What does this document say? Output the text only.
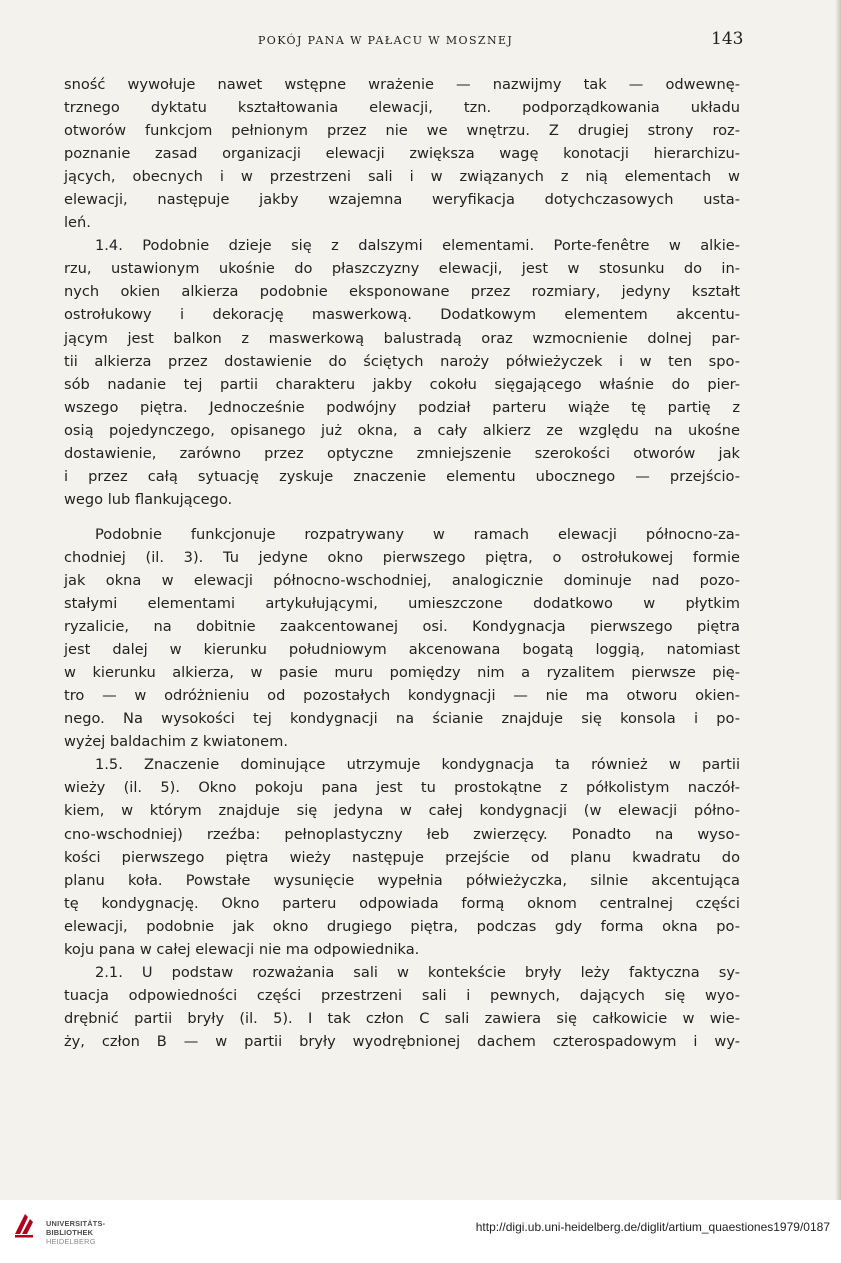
POKÓJ PANA W PAŁACU W MOSZNEJ	143
sność wywołuje nawet wstępne wrażenie — nazwijmy tak — odwewnę-
trznego dyktatu kształtowania elewacji, tzn. podporządkowania układu
otworów funkcjom pełnionym przez nie we wnętrzu. Z drugiej strony roz-
poznanie zasad organizacji elewacji zwiększa wagę konotacji hierarchizu-
jących, obecnych i w przestrzeni sali i w związanych z nią elementach w
elewacji, następuje jakby wzajemna weryfikacja dotychczasowych usta-
leń.
1.4. Podobnie dzieje się z dalszymi elementami. Porte-fenêtre w alkie-
rzu, ustawionym ukośnie do płaszczyzny elewacji, jest w stosunku do in-
nych okien alkierza podobnie eksponowane przez rozmiary, jedyny kształt
ostrołukowy i dekorację maswerkową. Dodatkowym elementem akcentu-
jącym jest balkon z maswerkową balustradą oraz wzmocnienie dolnej par-
tii alkierza przez dostawienie do ściętych naroży półwieżyczek i w ten spo-
sób nadanie tej partii charakteru jakby cokołu sięgającego właśnie do pier-
wszego piętra. Jednocześnie podwójny podział parteru wiąże tę partię z
osią pojedynczego, opisanego już okna, a cały alkierz ze względu na ukośne
dostawienie, zarówno przez optyczne zmniejszenie szerokości otworów jak
i przez całą sytuację zyskuje znaczenie elementu ubocznego — przejścio-
wego lub flankującego.
Podobnie funkcjonuje rozpatrywany w ramach elewacji północno-za-
chodniej (il. 3). Tu jedyne okno pierwszego piętra, o ostrołukowej formie
jak okna w elewacji północno-wschodniej, analogicznie dominuje nad pozo-
stałymi elementami artykułującymi, umieszczone dodatkowo w płytkim
ryzalicie, na dobitnie zaakcentowanej osi. Kondygnacja pierwszego piętra
jest dalej w kierunku południowym akcenowana bogatą loggią, natomiast
w kierunku alkierza, w pasie muru pomiędzy nim a ryzalitem pierwsze pię-
tro — w odróżnieniu od pozostałych kondygnacji — nie ma otworu okien-
nego. Na wysokości tej kondygnacji na ścianie znajduje się konsola i po-
wyżej baldachim z kwiatonem.
1.5. Znaczenie dominujące utrzymuje kondygnacja ta również w partii
wieży (il. 5). Okno pokoju pana jest tu prostokątne z półkolistym naczół-
kiem, w którym znajduje się jedyna w całej kondygnacji (w elewacji półno-
cno-wschodniej) rzeźba: pełnoplastyczny łeb zwierzęcy. Ponadto na wyso-
kości pierwszego piętra wieży następuje przejście od planu kwadratu do
planu koła. Powstałe wysunięcie wypełnia półwieżyczka, silnie akcentująca
tę kondygnację. Okno parteru odpowiada formą oknom centralnej części
elewacji, podobnie jak okno drugiego piętra, podczas gdy forma okna po-
koju pana w całej elewacji nie ma odpowiednika.
2.1. U podstaw rozważania sali w kontekście bryły leży faktyczna sy-
tuacja odpowiedności części przestrzeni sali i pewnych, dających się wyo-
drębnić partii bryły (il. 5). I tak człon C sali zawiera się całkowicie w wie-
ży, człon B — w partii bryły wyodrębnionej dachem czterospadowym i wy-
UNIVERSITÄTS-
BIBLIOTHEK
HEIDELBERG
http://digi.ub.uni-heidelberg.de/diglit/artium_quaestiones1979/0187
